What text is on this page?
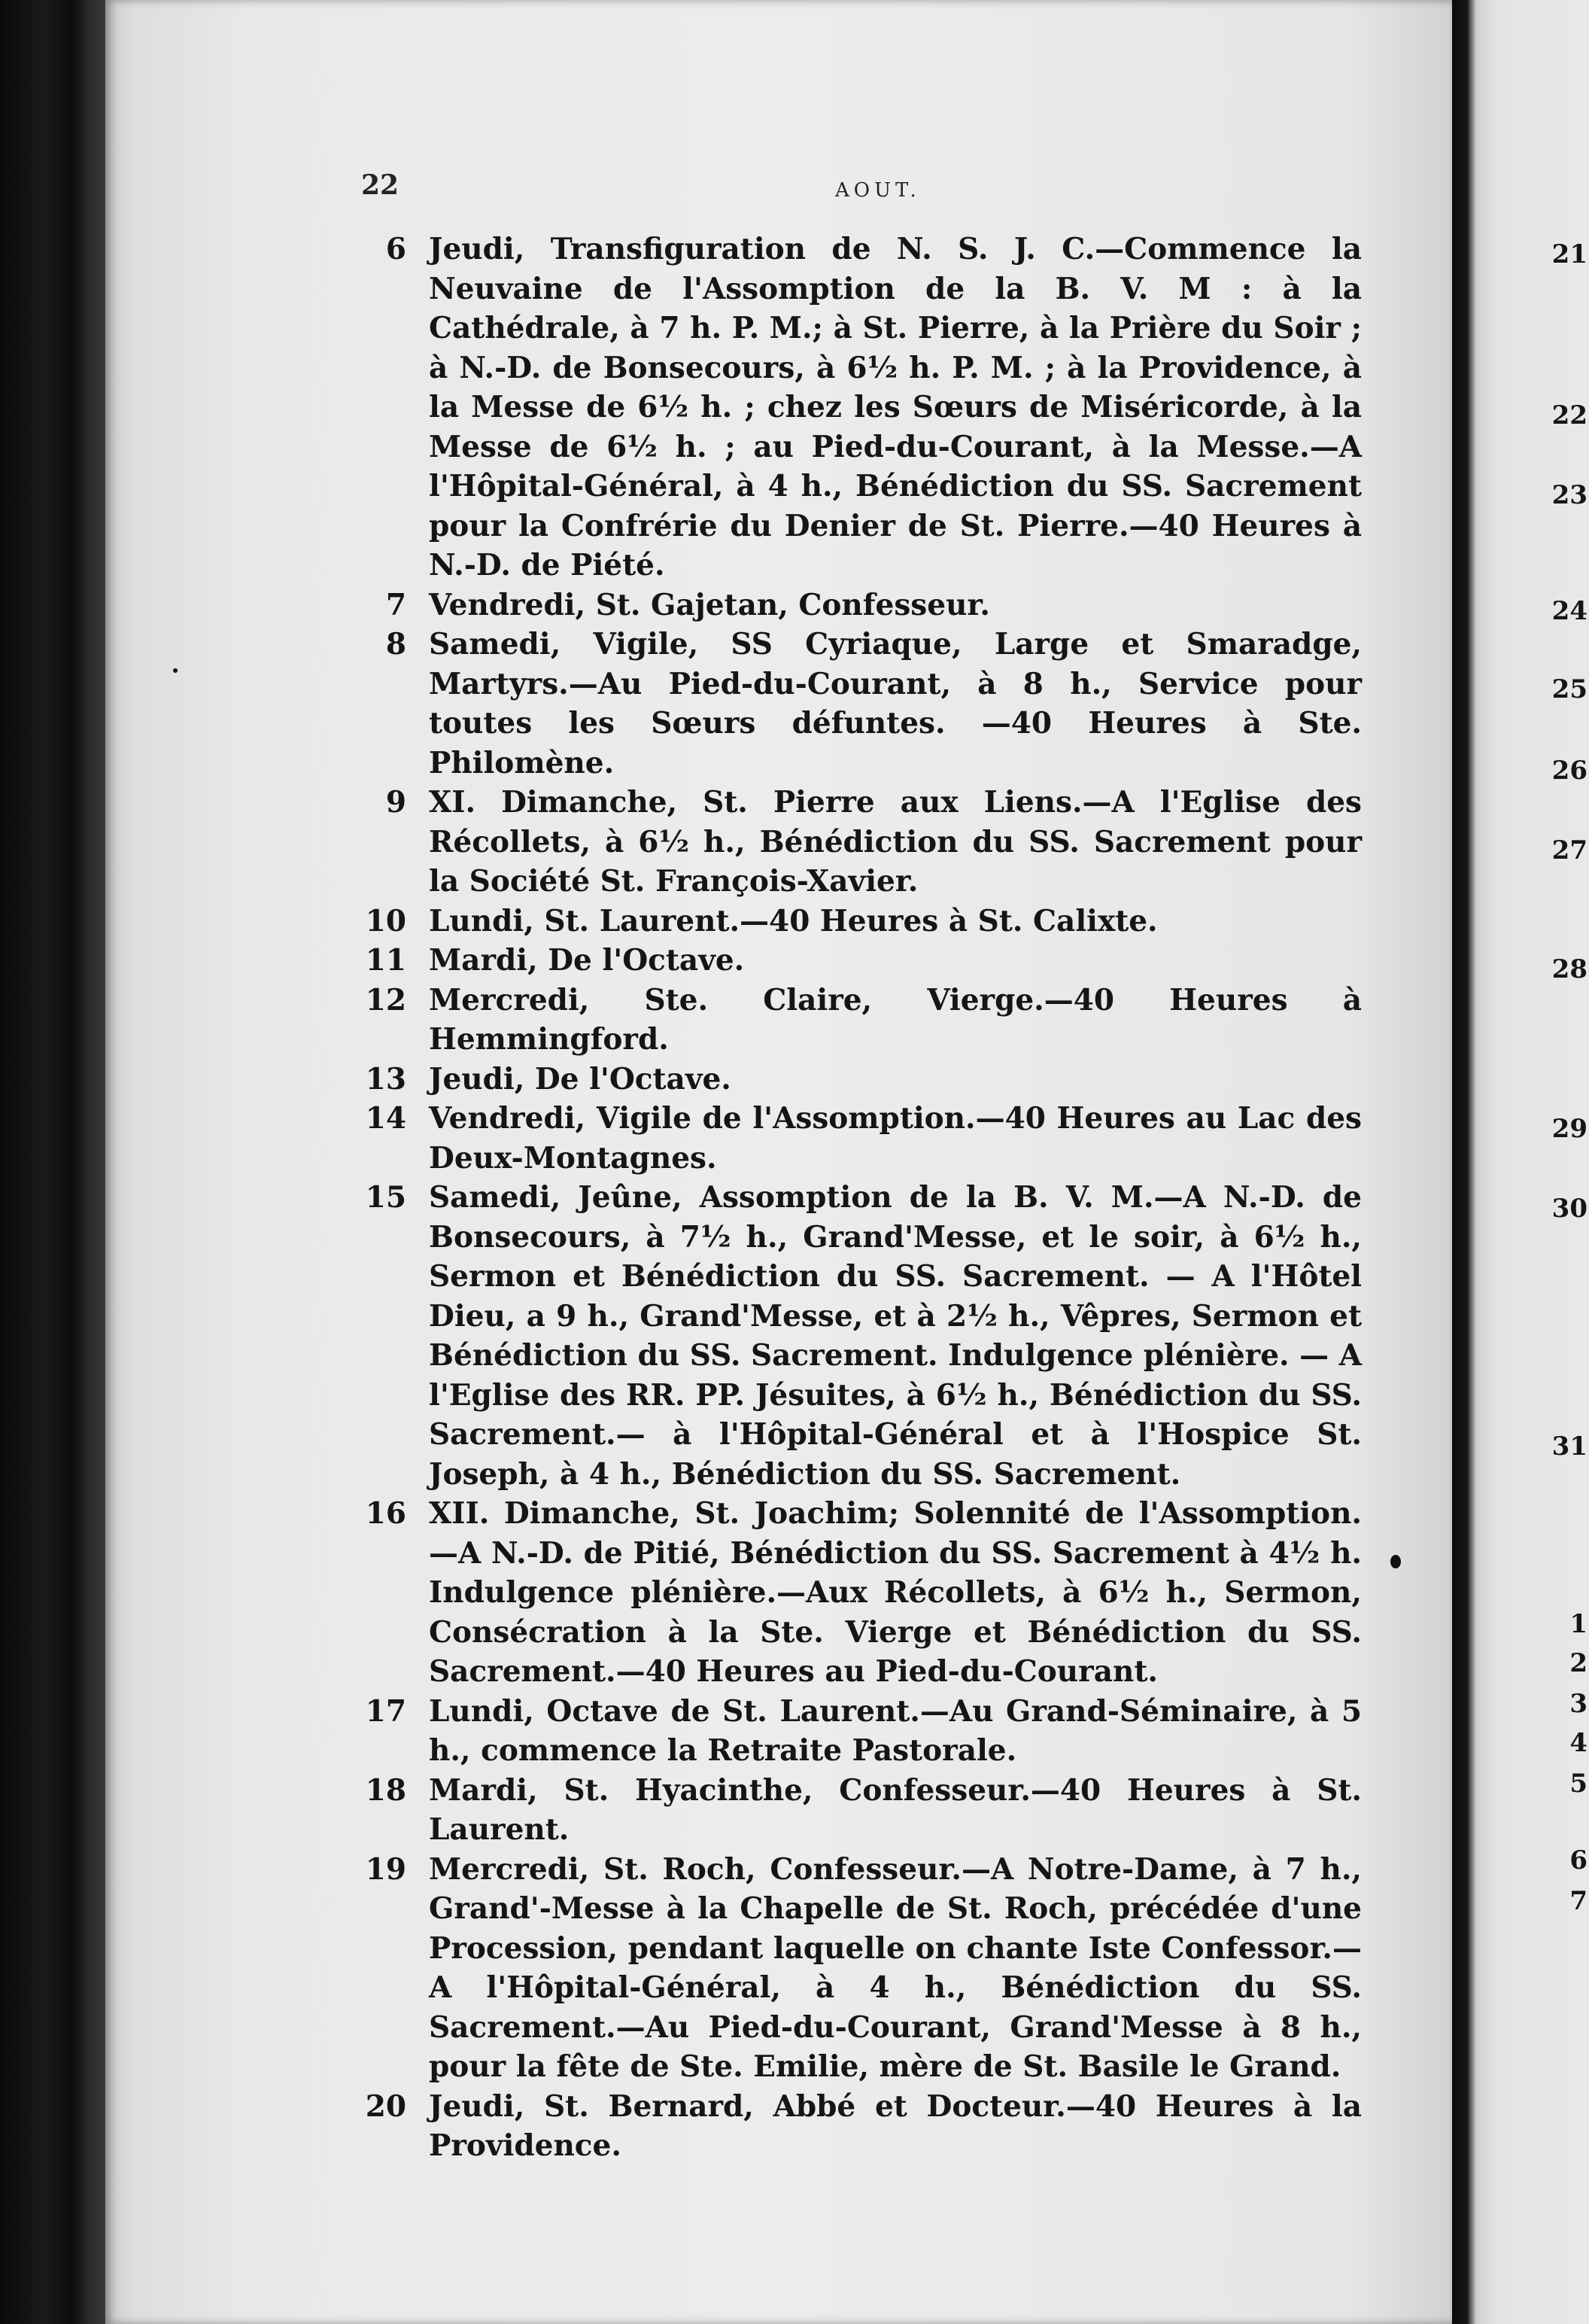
22	AOUT.
6 Jeudi, Transfiguration de N. S. J. C.—Commence la Neuvaine de l'Assomption de la B. V. M : à la Cathédrale, à 7 h. P. M.; à St. Pierre, à la Prière du Soir ; à N.-D. de Bonsecours, à 6½ h. P. M. ; à la Providence, à la Messe de 6½ h. ; chez les Sœurs de Miséricorde, à la Messe de 6½ h. ; au Pied-du-Courant, à la Messe.—A l'Hôpital-Général, à 4 h., Bénédiction du SS. Sacrement pour la Confrérie du Denier de St. Pierre.—40 Heures à N.-D. de Piété.
7 Vendredi, St. Gajetan, Confesseur.
8 Samedi, Vigile, SS Cyriaque, Large et Smaradge, Martyrs.—Au Pied-du-Courant, à 8 h., Service pour toutes les Sœurs défuntes. —40 Heures à Ste. Philomène.
9 XI. Dimanche, St. Pierre aux Liens.—A l'Eglise des Récollets, à 6½ h., Bénédiction du SS. Sacrement pour la Société St. François-Xavier.
10 Lundi, St. Laurent.—40 Heures à St. Calixte.
11 Mardi, De l'Octave.
12 Mercredi, Ste. Claire, Vierge.—40 Heures à Hemmingford.
13 Jeudi, De l'Octave.
14 Vendredi, Vigile de l'Assomption.—40 Heures au Lac des Deux-Montagnes.
15 Samedi, Jeûne, Assomption de la B. V. M.—A N.-D. de Bonsecours, à 7½ h., Grand'Messe, et le soir, à 6½ h., Sermon et Bénédiction du SS. Sacrement. — A l'Hôtel Dieu, a 9 h., Grand'Messe, et à 2½ h., Vêpres, Sermon et Bénédiction du SS. Sacrement. Indulgence plénière. — A l'Eglise des RR. PP. Jésuites, à 6½ h., Bénédiction du SS. Sacrement.— à l'Hôpital-Général et à l'Hospice St. Joseph, à 4 h., Bénédiction du SS. Sacrement.
16 XII. Dimanche, St. Joachim; Solennité de l'Assomption.—A N.-D. de Pitié, Bénédiction du SS. Sacrement à 4½ h. Indulgence plénière.—Aux Récollets, à 6½ h., Sermon, Consécration à la Ste. Vierge et Bénédiction du SS. Sacrement.—40 Heures au Pied-du-Courant.
17 Lundi, Octave de St. Laurent.—Au Grand-Séminaire, à 5 h., commence la Retraite Pastorale.
18 Mardi, St. Hyacinthe, Confesseur.—40 Heures à St. Laurent.
19 Mercredi, St. Roch, Confesseur.—A Notre-Dame, à 7 h., Grand'-Messe à la Chapelle de St. Roch, précédée d'une Procession, pendant laquelle on chante Iste Confessor.—A l'Hôpital-Général, à 4 h., Bénédiction du SS. Sacrement.—Au Pied-du-Courant, Grand'Messe à 8 h., pour la fête de Ste. Emilie, mère de St. Basile le Grand.
20 Jeudi, St. Bernard, Abbé et Docteur.—40 Heures à la Providence.
21
22
23
24
25
26
27
28
29
30
31
1
2
3
4
5
6
7
